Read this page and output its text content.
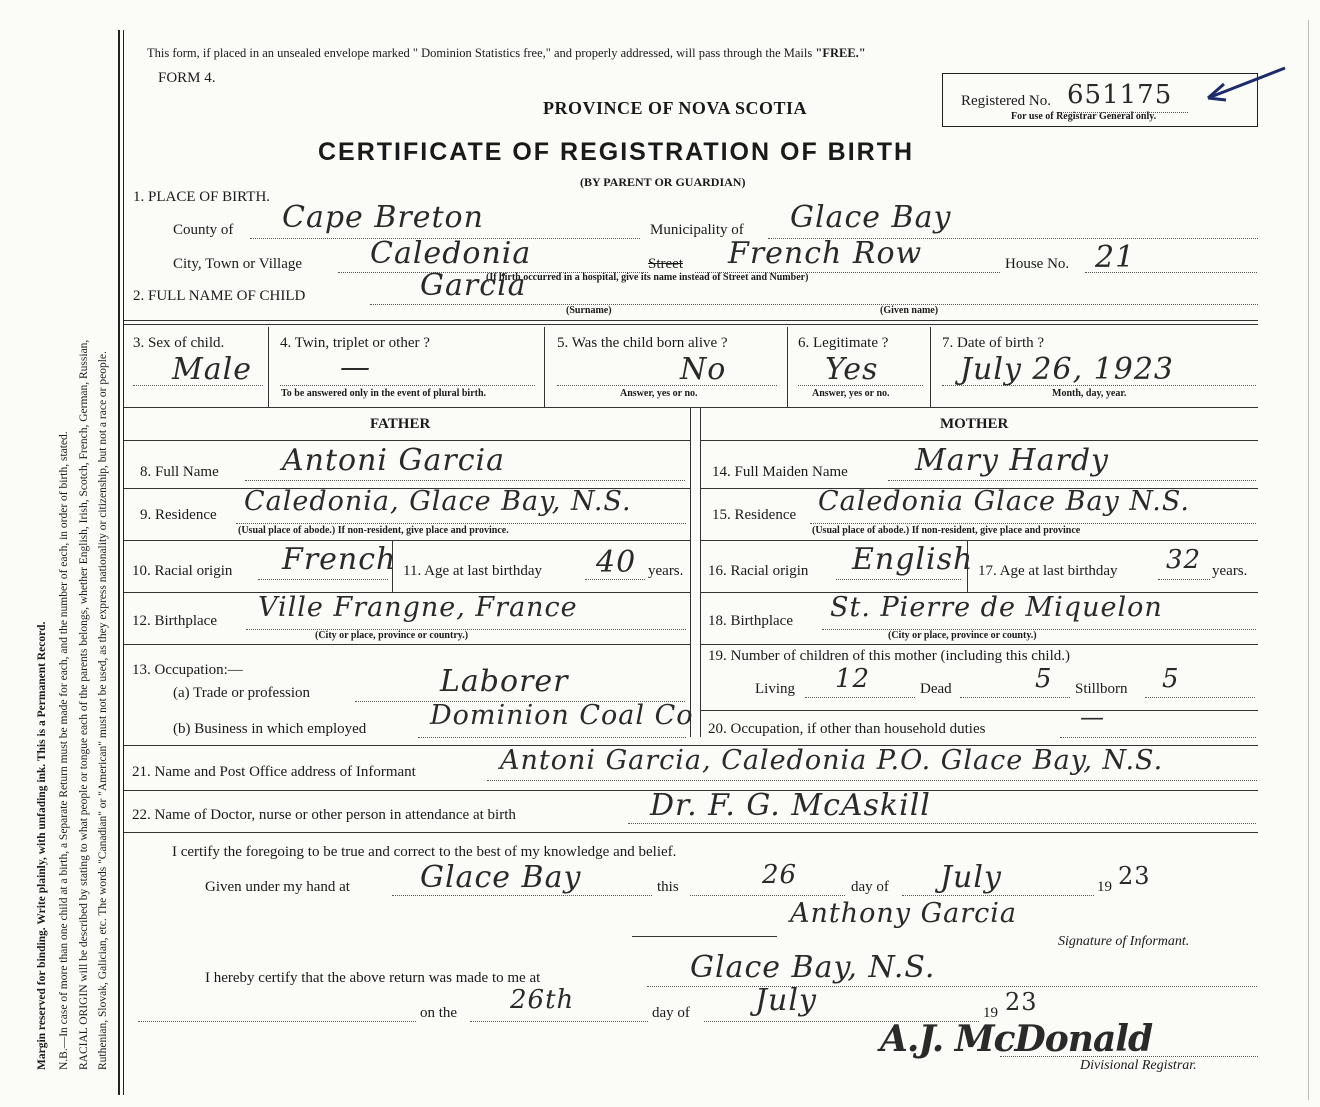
Margin reserved for binding. Write plainly, with unfading ink. This is a Permanent Record. N.B.—In case of more than one child at a birth, a Separate Return must be made for each, and the number of each, in order of birth, stated. RACIAL ORIGIN will be described by stating to what people or tongue each of the parents belongs, whether English, Irish, Scotch, French, German, Russian, Ruthenian, Slovak, Galician, etc. The words "Canadian" or "American" must not be used, as they express nationality or citizenship, but not a race or people.
This form, if placed in an unsealed envelope marked " Dominion Statistics free," and properly addressed, will pass through the Mails "FREE."
FORM 4.
PROVINCE OF NOVA SCOTIA
CERTIFICATE OF REGISTRATION OF BIRTH
(BY PARENT OR GUARDIAN)
Registered No. 651175
For use of Registrar General only.
1. PLACE OF BIRTH.
County of Cape Breton	Municipality of Glace Bay
City, Town or Village Caledonia	Street French Row
(If birth occurred in a hospital, give its name instead of Street and Number)
House No. 21
2. FULL NAME OF CHILD	Garcia
(Surname)	(Given name)
3. Sex of child.
Male
4. Twin, triplet or other ?
—
To be answered only in the event of plural birth.
5. Was the child born alive ?
No
Answer, yes or no.
6. Legitimate ?
Yes
Answer, yes or no.
7. Date of birth ?
July 26, 1923
Month, day, year.
FATHER	MOTHER
8. Full Name Antoni Garcia	14. Full Maiden Name Mary Hardy
9. Residence Caledonia, Glace Bay, N.S.
(Usual place of abode.) If non-resident, give place and province.
15. Residence Caledonia Glace Bay N.S.
(Usual place of abode.) If non-resident, give place and province
10. Racial origin French 11. Age at last birthday 40 years. 16. Racial origin English 17. Age at last birthday 32 years.
12. Birthplace Ville Frangne, France
(City or place, province or country.)
18. Birthplace St. Pierre de Miquelon
(City or place, province or county.)
13. Occupation:—
(a) Trade or profession	Laborer
(b) Business in which employed Dominion Coal Co
19. Number of children of this mother (including this child.)
Living 12	Dead	5 Stillborn 5
20. Occupation, if other than household duties	—
21. Name and Post Office address of Informant	Antoni Garcia, Caledonia P.O. Glace Bay, N.S.
22. Name of Doctor, nurse or other person in attendance at birth	Dr. F. G. McAskill
I certify the foregoing to be true and correct to the best of my knowledge and belief.
Given under my hand at Glace Bay	this	26	day of July	19 23
Anthony Garcia
Signature of Informant.
I hereby certify that the above return was made to me at	Glace Bay, N.S.
on the 26th	day of July	19 23
A.J. McDonald
Divisional Registrar.
